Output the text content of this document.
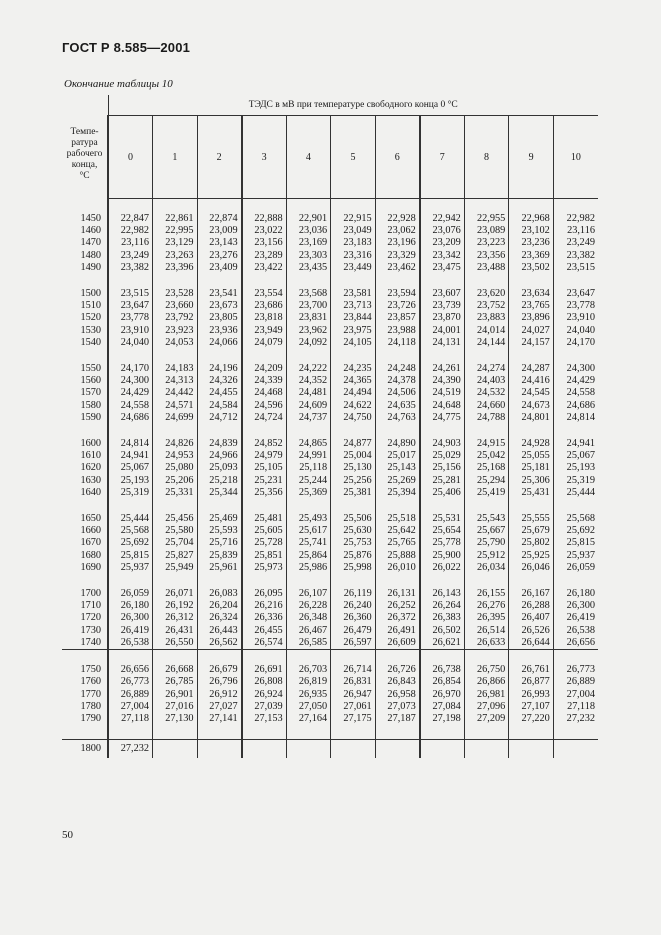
ГОСТ Р 8.585—2001
Окончание таблицы 10
Темпе-
ратура
рабочего
конца,
°С	ТЭДС в мВ при температуре свободного конца 0 °С										
	0	1	2	3	4	5	6	7	8	9	10

1450	22,847	22,861	22,874	22,888	22,901	22,915	22,928	22,942	22,955	22,968	22,982
1460	22,982	22,995	23,009	23,022	23,036	23,049	23,062	23,076	23,089	23,102	23,116
1470	23,116	23,129	23,143	23,156	23,169	23,183	23,196	23,209	23,223	23,236	23,249
1480	23,249	23,263	23,276	23,289	23,303	23,316	23,329	23,342	23,356	23,369	23,382
1490	23,382	23,396	23,409	23,422	23,435	23,449	23,462	23,475	23,488	23,502	23,515

1500	23,515	23,528	23,541	23,554	23,568	23,581	23,594	23,607	23,620	23,634	23,647
1510	23,647	23,660	23,673	23,686	23,700	23,713	23,726	23,739	23,752	23,765	23,778
1520	23,778	23,792	23,805	23,818	23,831	23,844	23,857	23,870	23,883	23,896	23,910
1530	23,910	23,923	23,936	23,949	23,962	23,975	23,988	24,001	24,014	24,027	24,040
1540	24,040	24,053	24,066	24,079	24,092	24,105	24,118	24,131	24,144	24,157	24,170

1550	24,170	24,183	24,196	24,209	24,222	24,235	24,248	24,261	24,274	24,287	24,300
1560	24,300	24,313	24,326	24,339	24,352	24,365	24,378	24,390	24,403	24,416	24,429
1570	24,429	24,442	24,455	24,468	24,481	24,494	24,506	24,519	24,532	24,545	24,558
1580	24,558	24,571	24,584	24,596	24,609	24,622	24,635	24,648	24,660	24,673	24,686
1590	24,686	24,699	24,712	24,724	24,737	24,750	24,763	24,775	24,788	24,801	24,814

1600	24,814	24,826	24,839	24,852	24,865	24,877	24,890	24,903	24,915	24,928	24,941
1610	24,941	24,953	24,966	24,979	24,991	25,004	25,017	25,029	25,042	25,055	25,067
1620	25,067	25,080	25,093	25,105	25,118	25,130	25,143	25,156	25,168	25,181	25,193
1630	25,193	25,206	25,218	25,231	25,244	25,256	25,269	25,281	25,294	25,306	25,319
1640	25,319	25,331	25,344	25,356	25,369	25,381	25,394	25,406	25,419	25,431	25,444

1650	25,444	25,456	25,469	25,481	25,493	25,506	25,518	25,531	25,543	25,555	25,568
1660	25,568	25,580	25,593	25,605	25,617	25,630	25,642	25,654	25,667	25,679	25,692
1670	25,692	25,704	25,716	25,728	25,741	25,753	25,765	25,778	25,790	25,802	25,815
1680	25,815	25,827	25,839	25,851	25,864	25,876	25,888	25,900	25,912	25,925	25,937
1690	25,937	25,949	25,961	25,973	25,986	25,998	26,010	26,022	26,034	26,046	26,059

1700	26,059	26,071	26,083	26,095	26,107	26,119	26,131	26,143	26,155	26,167	26,180
1710	26,180	26,192	26,204	26,216	26,228	26,240	26,252	26,264	26,276	26,288	26,300
1720	26,300	26,312	26,324	26,336	26,348	26,360	26,372	26,383	26,395	26,407	26,419
1730	26,419	26,431	26,443	26,455	26,467	26,479	26,491	26,502	26,514	26,526	26,538
1740	26,538	26,550	26,562	26,574	26,585	26,597	26,609	26,621	26,633	26,644	26,656

1750	26,656	26,668	26,679	26,691	26,703	26,714	26,726	26,738	26,750	26,761	26,773
1760	26,773	26,785	26,796	26,808	26,819	26,831	26,843	26,854	26,866	26,877	26,889
1770	26,889	26,901	26,912	26,924	26,935	26,947	26,958	26,970	26,981	26,993	27,004
1780	27,004	27,016	27,027	27,039	27,050	27,061	27,073	27,084	27,096	27,107	27,118
1790	27,118	27,130	27,141	27,153	27,164	27,175	27,187	27,198	27,209	27,220	27,232

1800	27,232										
50
